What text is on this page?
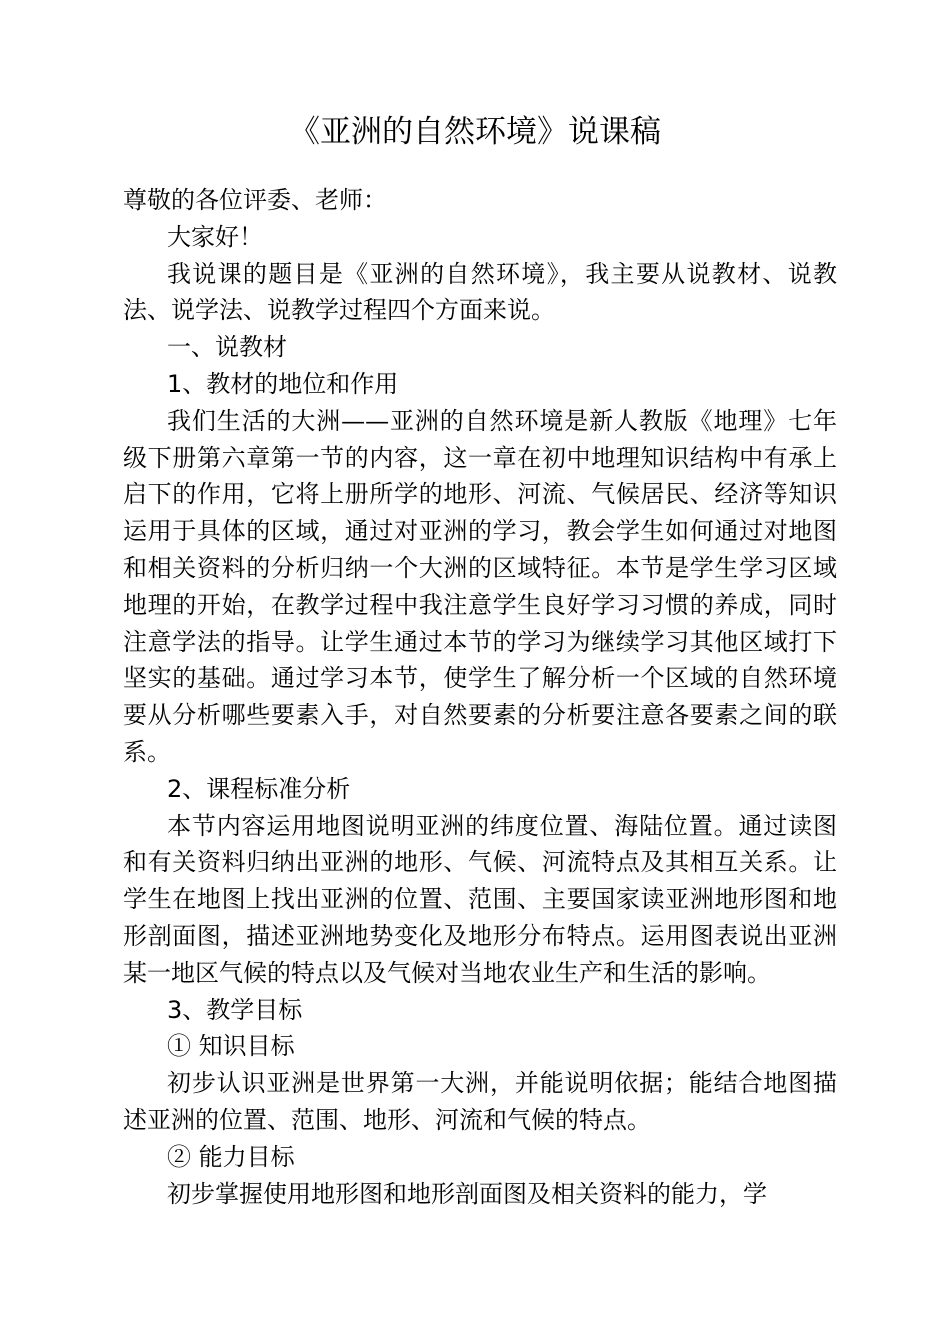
《亚洲的自然环境》说课稿

尊敬的各位评委、老师：

大家好！

我说课的题目是《亚洲的自然环境》，我主要从说教材、说教法、说学法、说教学过程四个方面来说。

一、说教材

1、教材的地位和作用

我们生活的大洲——亚洲的自然环境是新人教版《地理》七年级下册第六章第一节的内容，这一章在初中地理知识结构中有承上启下的作用，它将上册所学的地形、河流、气候居民、经济等知识运用于具体的区域，通过对亚洲的学习，教会学生如何通过对地图和相关资料的分析归纳一个大洲的区域特征。本节是学生学习区域地理的开始，在教学过程中我注意学生良好学习习惯的养成，同时注意学法的指导。让学生通过本节的学习为继续学习其他区域打下坚实的基础。通过学习本节，使学生了解分析一个区域的自然环境要从分析哪些要素入手，对自然要素的分析要注意各要素之间的联系。

2、课程标准分析

本节内容运用地图说明亚洲的纬度位置、海陆位置。通过读图和有关资料归纳出亚洲的地形、气候、河流特点及其相互关系。让学生在地图上找出亚洲的位置、范围、主要国家读亚洲地形图和地形剖面图，描述亚洲地势变化及地形分布特点。运用图表说出亚洲某一地区气候的特点以及气候对当地农业生产和生活的影响。

3、教学目标

① 知识目标

初步认识亚洲是世界第一大洲，并能说明依据；能结合地图描述亚洲的位置、范围、地形、河流和气候的特点。

② 能力目标

初步掌握使用地形图和地形剖面图及相关资料的能力，学
